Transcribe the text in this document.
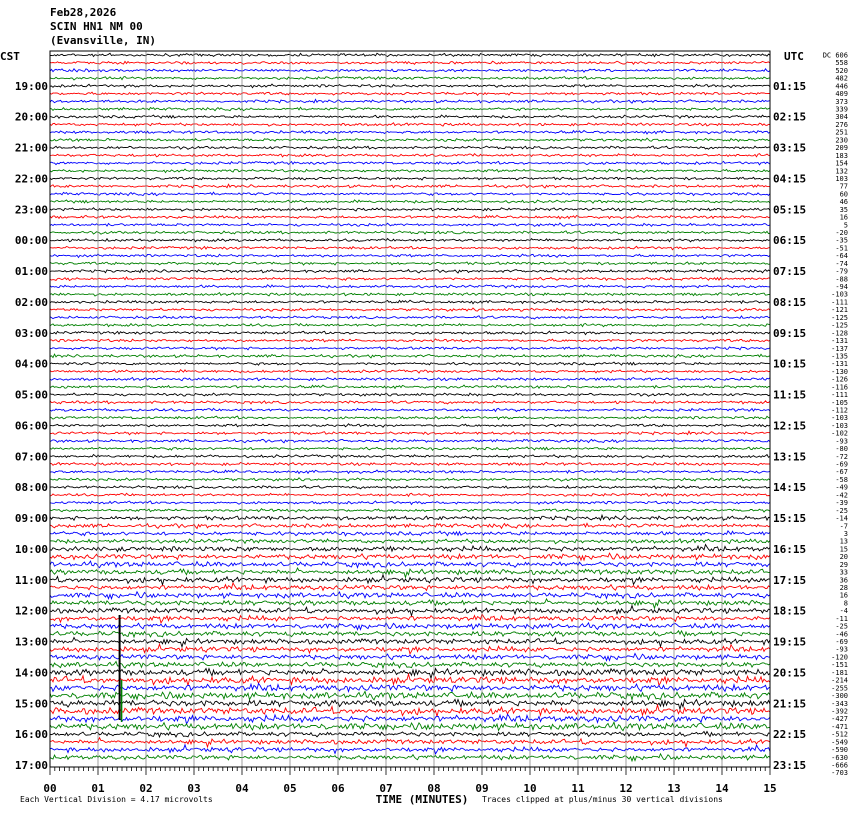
Feb28,2026
SCIN HN1 NM 00
(Evansville, IN)
CST	UTC
19:00
20:00
21:00
22:00
23:00
00:00
01:00
02:00
03:00
04:00
05:00
06:00
07:00
08:00
09:00
10:00
11:00
12:00
13:00
14:00
15:00
16:00
17:00
01:15
02:15
03:15
04:15
05:15
06:15
07:15
08:15
09:15
10:15
11:15
12:15
13:15
14:15
15:15
16:15
17:15
18:15
19:15
20:15
21:15
22:15
23:15
DC 606
558
520
482
446
409
373
339
304
276
251
230
209
183
154
132
103
77
60
46
35
16
5
-20
-35
-51
-64
-74
-79
-88
-94
-103
-111
-121
-125
-125
-128
-131
-137
-135
-131
-130
-126
-116
-111
-105
-112
-103
-103
-102
-93
-80
-72
-69
-67
-58
-49
-42
-39
-25
-14
-7
3
13
15
20
29
33
36
28
16
8
-4
-11
-25
-46
-69
-93
-120
-151
-181
-214
-255
-300
-343
-392
-427
-471
-512
-549
-590
-630
-666
-703
00	01	02	03	04	05	06	07	08	09	10	11	12	13	14	15
TIME (MINUTES)
Each Vertical Division = 4.17 microvolts	Traces clipped at plus/minus 30 vertical divisions
